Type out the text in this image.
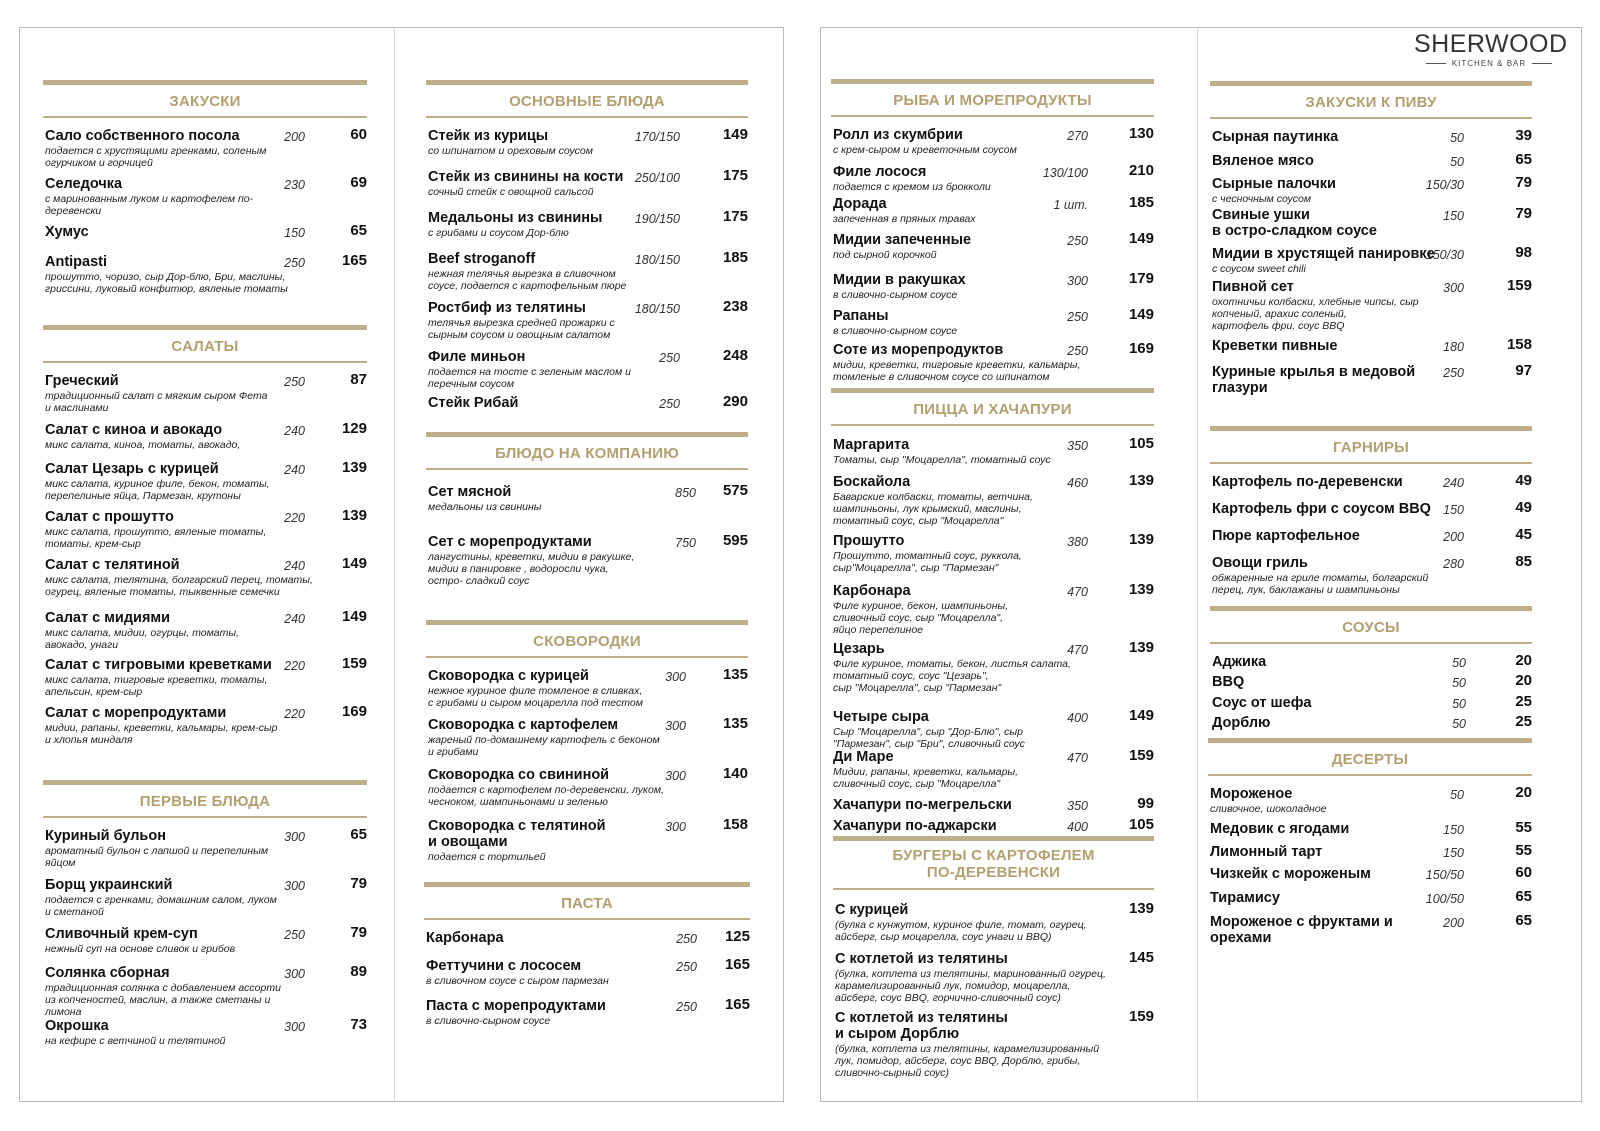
ЗАКУСКИ
Сало собственного посола
подается с хрустящими гренками, соленым
огурчиком и горчицей
200	60
Селедочка
с маринованным луком и картофелем по-
деревенски
230	69
Хумус	150	65
Antipasti
прошутто, чоризо, сыр Дор-блю, Бри, маслины,
гриссини, луковый конфитюр, вяленые томаты
250 165
САЛАТЫ
Греческий
традиционный салат с мягким сыром Фета
и маслинами
250	87
Салат с киноа и авокадо
микс салата, киноа, томаты, авокадо,
240 129
Салат Цезарь с курицей
микс салата, куриное филе, бекон, томаты,
перепелиные яйца, Пармезан, крутоны
240 139
Салат с прошутто
микс салата, прошутто, вяленые томаты,
томаты, крем-сыр
220 139
Салат с телятиной
микс салата, телятина, болгарский перец, томаты,
огурец, вяленые томаты, тыквенные семечки
240 149
Салат с мидиями
микс салата, мидии, огурцы, томаты,
авокадо, унаги
240 149
Салат с тигровыми креветками
микс салата, тигровые креветки, томаты,
апельсин, крем-сыр
220 159
Салат с морепродуктами
мидии, рапаны, креветки, кальмары, крем-сыр
и хлопья миндаля
220 169
ПЕРВЫЕ БЛЮДА
Куриный бульон
ароматный бульон с лапшой и перепелиным
яйцом
300	65
Борщ украинский
подается с гренками, домашним салом, луком
и сметаной
300	79
Сливочный крем-суп
нежный суп на основе сливок и грибов
250	79
Солянка сборная
традиционная солянка с добавлением ассорти
из копченостей, маслин, а также сметаны и
лимона
300	89
Окрошка
на кефире с ветчиной и телятиной
300	73
ОСНОВНЫЕ БЛЮДА
Стейк из курицы
со шпинатом и ореховым соусом
170/150	149
Стейк из свинины на кости
сочный стейк с овощной сальсой
250/100	175
Медальоны из свинины
с грибами и соусом Дор-блю
190/150	175
Beef stroganoff
нежная телячья вырезка в сливочном
соусе, подается с картофельным пюре
180/150	185
Ростбиф из телятины
телячья вырезка средней прожарки с
сырным соусом и овощным салатом
180/150	238
Филе миньон
подается на тосте с зеленым маслом и
перечным соусом
250	248
Стейк Рибай	250	290
БЛЮДО НА КОМПАНИЮ
Сет мясной
медальоны из свинины
850 575
Сет с морепродуктами
лангустины, креветки, мидии в ракушке,
мидии в панировке , водоросли чука,
остро- сладкий соус
750 595
СКОВОРОДКИ
Сковородка с курицей
нежное куриное филе томленое в сливках,
с грибами и сыром моцарелла под тестом
300 135
Сковородка с картофелем
жареный по-домашнему картофель с беконом
и грибами
300 135
Сковородка со свининой
подается с картофелем по-деревенски, луком,
чесноком, шампиньонами и зеленью
300 140
Сковородка с телятиной
и овощами
подается с тортильей
300 158
ПАСТА
Карбонара	250 125
Феттучини с лососем
в сливочном соусе с сыром пармезан
250 165
Паста с морепродуктами
в сливочно-сырном соусе
250 165
SHERWOOD
KITCHEN & BAR
РЫБА И МОРЕПРОДУКТЫ
Ролл из скумбрии
с крем-сыром и креветочным соусом
270	130
Филе лосося
подается с кремом из брокколи
130/100	210
Дорада
запеченная в пряных травах
1 шт.	185
Мидии запеченные
под сырной корочкой
250	149
Мидии в ракушках
в сливочно-сырном соусе
300	179
Рапаны
в сливочно-сырном соусе
250	149
Соте из морепродуктов
мидии, креветки, тигровые креветки, кальмары,
томленые в сливочном соусе со шпинатом
250	169
ПИЦЦА И ХАЧАПУРИ
Маргарита
Томаты, сыр "Моцарелла", томатный соус
350	105
Боскайола
Баварские колбаски, томаты, ветчина,
шампиньоны, лук крымский, маслины,
томатный соус, сыр "Моцарелла"
460	139
Прошутто
Прошутто, томатный соус, руккола,
сыр"Моцарелла", сыр "Пармезан"
380	139
Карбонара
Филе куриное, бекон, шампиньоны,
сливочный соус, сыр "Моцарелла",
яйцо перепелиное
470	139
Цезарь
Филе куриное, томаты, бекон, листья салата,
томатный соус, соус "Цезарь",
сыр "Моцарелла", сыр "Пармезан"
470	139
Четыре сыра
Сыр "Моцарелла", сыр "Дор-Блю", сыр
"Пармезан", сыр "Бри", сливочный соус
400	149
Ди Маре
Мидии, рапаны, креветки, кальмары,
сливочный соус, сыр "Моцарелла"
470	159
Хачапури по-мегрельски	350	99
Хачапури по-аджарски	400	105
БУРГЕРЫ С КАРТОФЕЛЕМ
ПО-ДЕРЕВЕНСКИ
С курицей
(булка с кунжутом, куриное филе, томат, огурец,
айсберг, сыр моцарелла, соус унаги и BBQ)
139
С котлетой из телятины
(булка, котлета из телятины, маринованный огурец,
карамелизированный лук, помидор, моцарелла,
айсберг, соус BBQ, горчично-сливочный соус)
145
С котлетой из телятины
и сыром Дорблю
(булка, котлета из телятины, карамелизированный
лук, помидор, айсберг, соус BBQ, Дорблю, грибы,
сливочно-сырный соус)
159
ЗАКУСКИ К ПИВУ
Сырная паутинка	50	39
Вяленое мясо	50	65
Сырные палочки
с чесночным соусом
150/30	79
Свиные ушки
в остро-сладком соусе
150	79
Мидии в хрустящей панировке
с соусом sweet chili
150/30	98
Пивной сет
охотничьи колбаски, хлебные чипсы, сыр
копченый, арахис соленый,
картофель фри, соус BBQ
300	159
Креветки пивные	180	158
Куриные крылья в медовой
глазури
250	97
ГАРНИРЫ
Картофель по-деревенски	240	49
Картофель фри с соусом BBQ 150	49
Пюре картофельное	200	45
Овощи гриль
обжаренные на гриле томаты, болгарский
перец, лук, баклажаны и шампиньоны
280	85
СОУСЫ
Аджика	50	20
BBQ	50	20
Соус от шефа	50	25
Дорблю	50	25
ДЕСЕРТЫ
Мороженое
сливочное, шоколадное
50	20
Медовик с ягодами	150	55
Лимонный тарт	150	55
Чизкейк с мороженым	150/50	60
Тирамису	100/50	65
Мороженое с фруктами и
орехами
200	65
